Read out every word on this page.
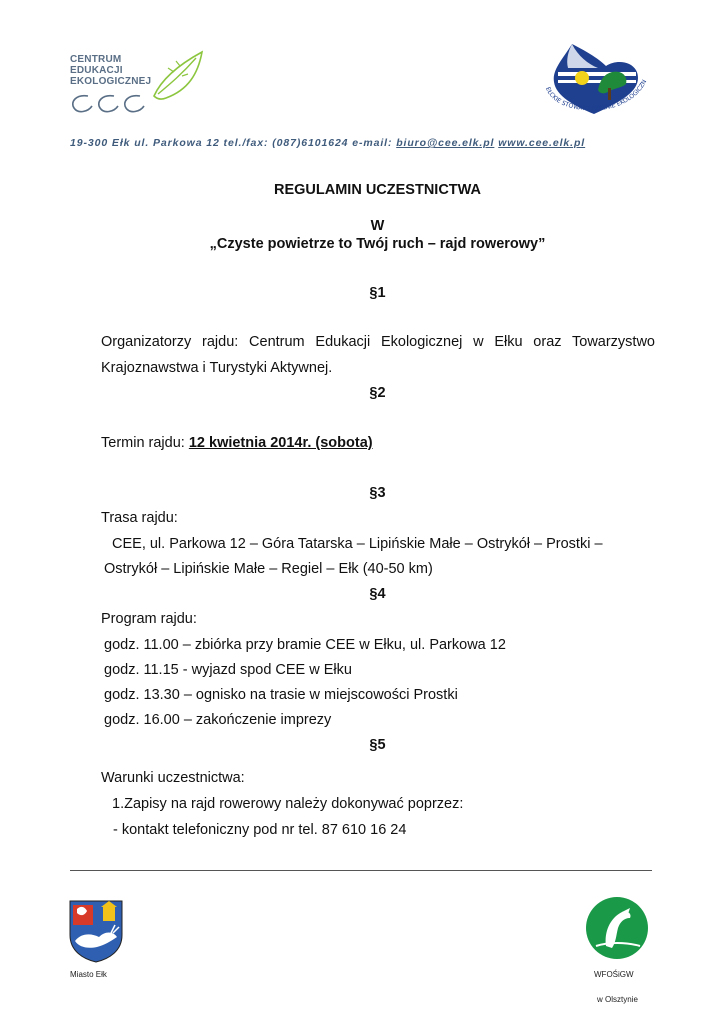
CENTRUM
EDUKACJI
EKOLOGICZNEJ
EŁCKIE STOWARZYSZENIE EKOLOGICZN
19-300 Ełk ul. Parkowa 12 tel./fax: (087)6101624 e-mail: biuro@cee.elk.pl www.cee.elk.pl
REGULAMIN UCZESTNICTWA
W
„Czyste powietrze to Twój ruch – rajd rowerowy”
§1
Organizatorzy rajdu: Centrum Edukacji Ekologicznej w Ełku oraz Towarzystwo
Krajoznawstwa i Turystyki Aktywnej.
§2
Termin rajdu: 12 kwietnia 2014r. (sobota)
§3
Trasa rajdu:
CEE, ul. Parkowa 12 – Góra Tatarska – Lipińskie Małe – Ostrykół – Prostki –
Ostrykół – Lipińskie Małe – Regiel – Ełk (40-50 km)
§4
Program rajdu:
godz. 11.00 – zbiórka przy bramie CEE w Ełku, ul. Parkowa 12
godz. 11.15 - wyjazd spod CEE w Ełku
godz. 13.30 – ognisko na trasie w miejscowości Prostki
godz. 16.00 – zakończenie imprezy
§5
Warunki uczestnictwa:
1.Zapisy na rajd rowerowy należy dokonywać poprzez:
- kontakt telefoniczny pod nr tel. 87 610 16 24
Miasto Ełk	WFOŚiGW
w Olsztynie
